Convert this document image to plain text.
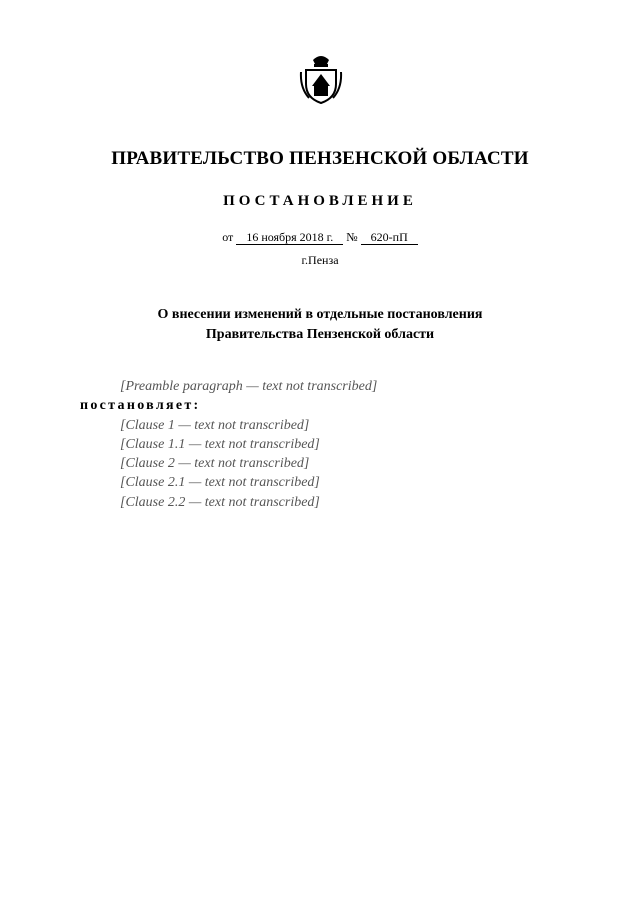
ПРАВИТЕЛЬСТВО ПЕНЗЕНСКОЙ ОБЛАСТИ
ПОСТАНОВЛЕНИЕ
от 16 ноября 2018 г. № 620-пП
г.Пенза
О внесении изменений в отдельные постановления
Правительства Пензенской области

[Preamble paragraph — text not transcribed]

постановляет:

[Clause 1 — text not transcribed]

[Clause 1.1 — text not transcribed]

[Clause 2 — text not transcribed]

[Clause 2.1 — text not transcribed]

[Clause 2.2 — text not transcribed]
